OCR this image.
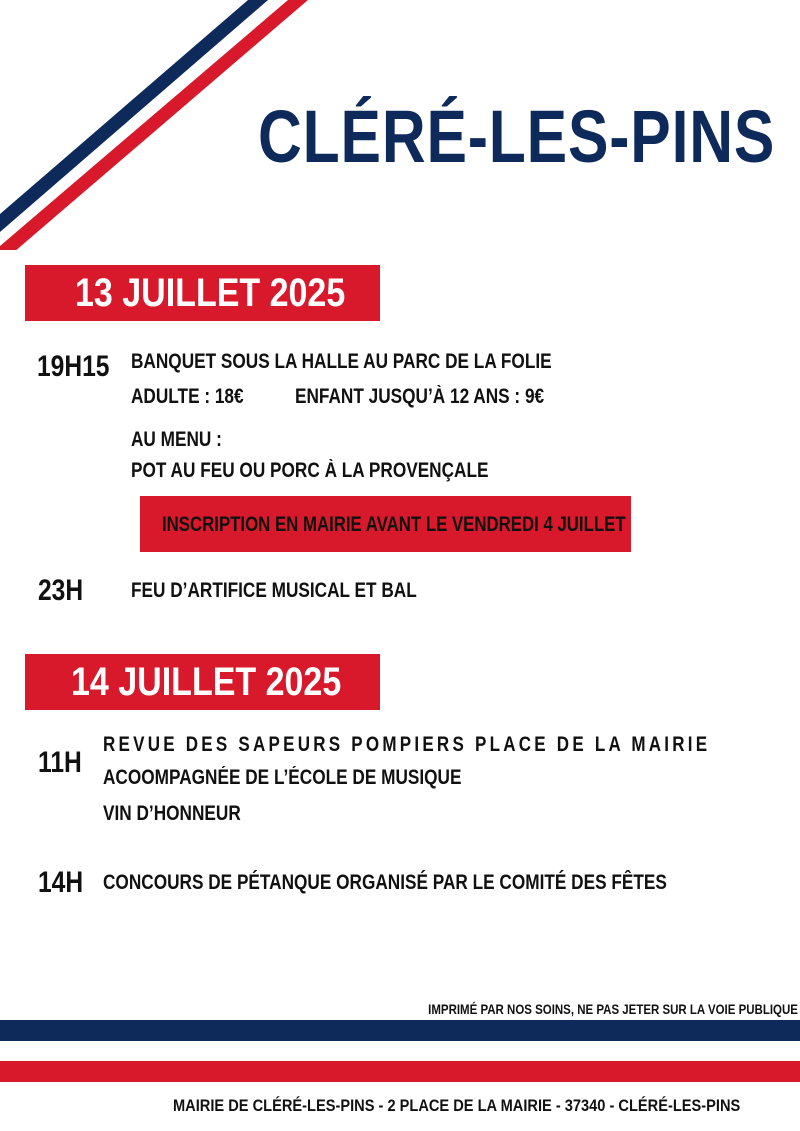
CLÉRÉ-LES-PINS
13 JUILLET 2025
19H15 BANQUET SOUS LA HALLE AU PARC DE LA FOLIE
ADULTE : 18€ ENFANT JUSQU’À 12 ANS : 9€
AU MENU :
POT AU FEU OU PORC À LA PROVENÇALE
INSCRIPTION EN MAIRIE AVANT LE VENDREDI 4 JUILLET
23H FEU D’ARTIFICE MUSICAL ET BAL
14 JUILLET 2025
11H
REVUE DES SAPEURS POMPIERS PLACE DE LA MAIRIE
ACOOMPAGNÉE DE L’ÉCOLE DE MUSIQUE
VIN D’HONNEUR
14H CONCOURS DE PÉTANQUE ORGANISÉ PAR LE COMITÉ DES FÊTES
IMPRIMÉ PAR NOS SOINS, NE PAS JETER SUR LA VOIE PUBLIQUE
MAIRIE DE CLÉRÉ-LES-PINS - 2 PLACE DE LA MAIRIE - 37340 - CLÉRÉ-LES-PINS
